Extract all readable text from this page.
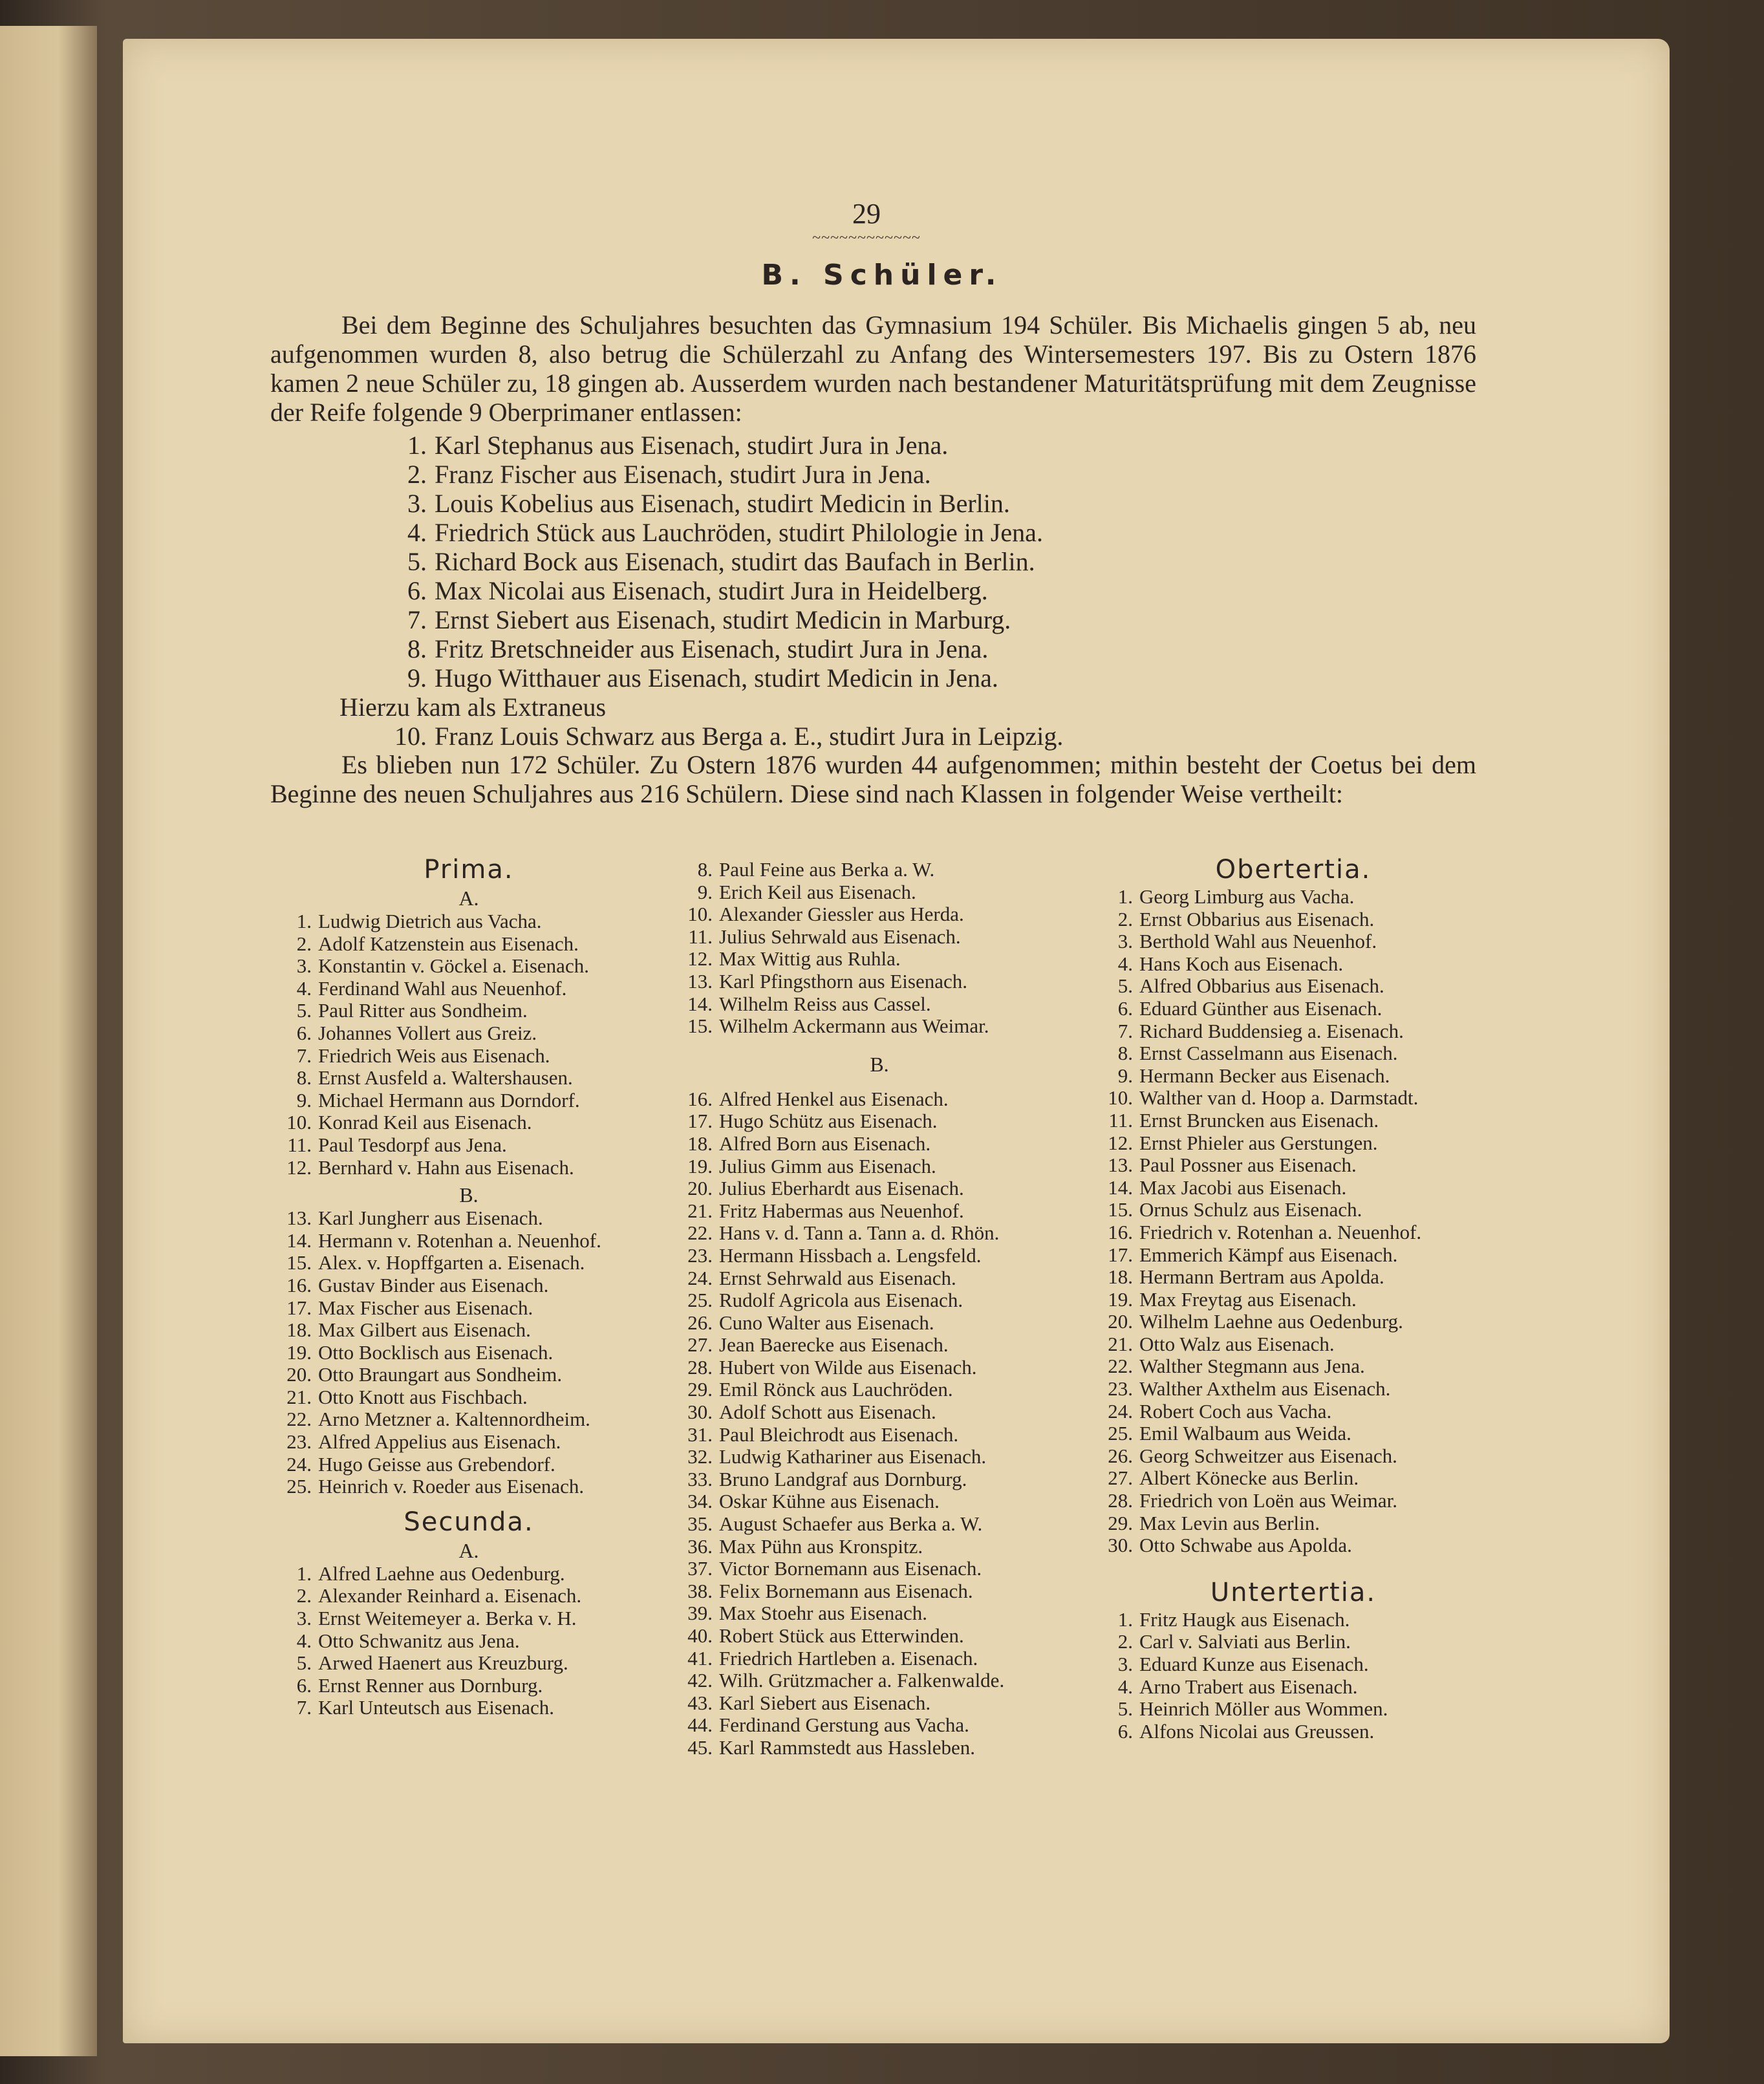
29
~~~~~~~~~~~~
B. Schüler.

Bei dem Beginne des Schuljahres besuchten das Gymnasium 194 Schüler. Bis Michaelis gingen 5 ab, neu aufgenommen wurden 8, also betrug die Schülerzahl zu Anfang des Wintersemesters 197. Bis zu Ostern 1876 kamen 2 neue Schüler zu, 18 gingen ab. Ausserdem wurden nach bestandener Maturitätsprüfung mit dem Zeugnisse der Reife folgende 9 Oberprimaner entlassen:

1. Karl Stephanus aus Eisenach, studirt Jura in Jena.
2. Franz Fischer aus Eisenach, studirt Jura in Jena.
3. Louis Kobelius aus Eisenach, studirt Medicin in Berlin.
4. Friedrich Stück aus Lauchröden, studirt Philologie in Jena.
5. Richard Bock aus Eisenach, studirt das Baufach in Berlin.
6. Max Nicolai aus Eisenach, studirt Jura in Heidelberg.
7. Ernst Siebert aus Eisenach, studirt Medicin in Marburg.
8. Fritz Bretschneider aus Eisenach, studirt Jura in Jena.
9. Hugo Witthauer aus Eisenach, studirt Medicin in Jena.
Hierzu kam als Extraneus
10. Franz Louis Schwarz aus Berga a. E., studirt Jura in Leipzig.

Es blieben nun 172 Schüler. Zu Ostern 1876 wurden 44 aufgenommen; mithin besteht der Coetus bei dem Beginne des neuen Schuljahres aus 216 Schülern. Diese sind nach Klassen in folgender Weise vertheilt:

Prima.
A.
1. Ludwig Dietrich aus Vacha.
2. Adolf Katzenstein aus Eisenach.
3. Konstantin v. Göckel a. Eisenach.
4. Ferdinand Wahl aus Neuenhof.
5. Paul Ritter aus Sondheim.
6. Johannes Vollert aus Greiz.
7. Friedrich Weis aus Eisenach.
8. Ernst Ausfeld a. Waltershausen.
9. Michael Hermann aus Dorndorf.
10. Konrad Keil aus Eisenach.
11. Paul Tesdorpf aus Jena.
12. Bernhard v. Hahn aus Eisenach.
B.
13. Karl Jungherr aus Eisenach.
14. Hermann v. Rotenhan a. Neuenhof.
15. Alex. v. Hopffgarten a. Eisenach.
16. Gustav Binder aus Eisenach.
17. Max Fischer aus Eisenach.
18. Max Gilbert aus Eisenach.
19. Otto Bocklisch aus Eisenach.
20. Otto Braungart aus Sondheim.
21. Otto Knott aus Fischbach.
22. Arno Metzner a. Kaltennordheim.
23. Alfred Appelius aus Eisenach.
24. Hugo Geisse aus Grebendorf.
25. Heinrich v. Roeder aus Eisenach.
Secunda.
A.
1. Alfred Laehne aus Oedenburg.
2. Alexander Reinhard a. Eisenach.
3. Ernst Weitemeyer a. Berka v. H.
4. Otto Schwanitz aus Jena.
5. Arwed Haenert aus Kreuzburg.
6. Ernst Renner aus Dornburg.
7. Karl Unteutsch aus Eisenach.
8. Paul Feine aus Berka a. W.
9. Erich Keil aus Eisenach.
10. Alexander Giessler aus Herda.
11. Julius Sehrwald aus Eisenach.
12. Max Wittig aus Ruhla.
13. Karl Pfingsthorn aus Eisenach.
14. Wilhelm Reiss aus Cassel.
15. Wilhelm Ackermann aus Weimar.
B.
16. Alfred Henkel aus Eisenach.
17. Hugo Schütz aus Eisenach.
18. Alfred Born aus Eisenach.
19. Julius Gimm aus Eisenach.
20. Julius Eberhardt aus Eisenach.
21. Fritz Habermas aus Neuenhof.
22. Hans v. d. Tann a. Tann a. d. Rhön.
23. Hermann Hissbach a. Lengsfeld.
24. Ernst Sehrwald aus Eisenach.
25. Rudolf Agricola aus Eisenach.
26. Cuno Walter aus Eisenach.
27. Jean Baerecke aus Eisenach.
28. Hubert von Wilde aus Eisenach.
29. Emil Rönck aus Lauchröden.
30. Adolf Schott aus Eisenach.
31. Paul Bleichrodt aus Eisenach.
32. Ludwig Kathariner aus Eisenach.
33. Bruno Landgraf aus Dornburg.
34. Oskar Kühne aus Eisenach.
35. August Schaefer aus Berka a. W.
36. Max Pühn aus Kronspitz.
37. Victor Bornemann aus Eisenach.
38. Felix Bornemann aus Eisenach.
39. Max Stoehr aus Eisenach.
40. Robert Stück aus Etterwinden.
41. Friedrich Hartleben a. Eisenach.
42. Wilh. Grützmacher a. Falkenwalde.
43. Karl Siebert aus Eisenach.
44. Ferdinand Gerstung aus Vacha.
45. Karl Rammstedt aus Hassleben.
Obertertia.
1. Georg Limburg aus Vacha.
2. Ernst Obbarius aus Eisenach.
3. Berthold Wahl aus Neuenhof.
4. Hans Koch aus Eisenach.
5. Alfred Obbarius aus Eisenach.
6. Eduard Günther aus Eisenach.
7. Richard Buddensieg a. Eisenach.
8. Ernst Casselmann aus Eisenach.
9. Hermann Becker aus Eisenach.
10. Walther van d. Hoop a. Darmstadt.
11. Ernst Bruncken aus Eisenach.
12. Ernst Phieler aus Gerstungen.
13. Paul Possner aus Eisenach.
14. Max Jacobi aus Eisenach.
15. Ornus Schulz aus Eisenach.
16. Friedrich v. Rotenhan a. Neuenhof.
17. Emmerich Kämpf aus Eisenach.
18. Hermann Bertram aus Apolda.
19. Max Freytag aus Eisenach.
20. Wilhelm Laehne aus Oedenburg.
21. Otto Walz aus Eisenach.
22. Walther Stegmann aus Jena.
23. Walther Axthelm aus Eisenach.
24. Robert Coch aus Vacha.
25. Emil Walbaum aus Weida.
26. Georg Schweitzer aus Eisenach.
27. Albert Könecke aus Berlin.
28. Friedrich von Loën aus Weimar.
29. Max Levin aus Berlin.
30. Otto Schwabe aus Apolda.
Untertertia.
1. Fritz Haugk aus Eisenach.
2. Carl v. Salviati aus Berlin.
3. Eduard Kunze aus Eisenach.
4. Arno Trabert aus Eisenach.
5. Heinrich Möller aus Wommen.
6. Alfons Nicolai aus Greussen.
